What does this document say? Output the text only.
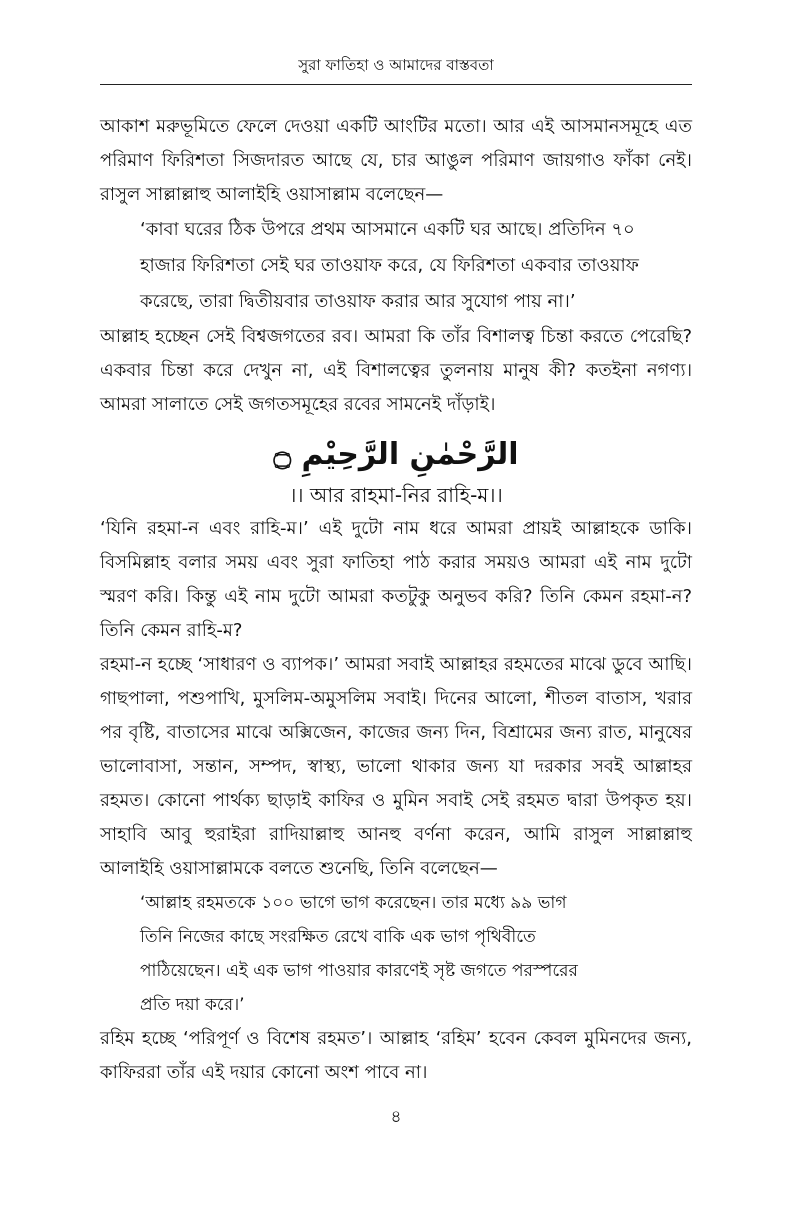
সুরা ফাতিহা ও আমাদের বাস্তবতা

আকাশ মরুভূমিতে ফেলে দেওয়া একটি আংটির মতো। আর এই আসমানসমূহে এত পরিমাণ ফিরিশতা সিজদারত আছে যে, চার আঙুল পরিমাণ জায়গাও ফাঁকা নেই। রাসুল সাল্লাল্লাহু আলাইহি ওয়াসাল্লাম বলেছেন—

‘কাবা ঘরের ঠিক উপরে প্রথম আসমানে একটি ঘর আছে। প্রতিদিন ৭০

হাজার ফিরিশতা সেই ঘর তাওয়াফ করে, যে ফিরিশতা একবার তাওয়াফ

করেছে, তারা দ্বিতীয়বার তাওয়াফ করার আর সুযোগ পায় না।’

আল্লাহ হচ্ছেন সেই বিশ্বজগতের রব। আমরা কি তাঁর বিশালত্ব চিন্তা করতে পেরেছি? একবার চিন্তা করে দেখুন না, এই বিশালত্বের তুলনায় মানুষ কী? কতইনা নগণ্য। আমরা সালাতে সেই জগতসমূহের রবের সামনেই দাঁড়াই।

الرَّحْمٰنِ الرَّحِيْمِ ۝

।। আর রাহমা-নির রাহি-ম।।

‘যিনি রহমা-ন এবং রাহি-ম।’ এই দুটো নাম ধরে আমরা প্রায়ই আল্লাহকে ডাকি। বিসমিল্লাহ বলার সময় এবং সুরা ফাতিহা পাঠ করার সময়ও আমরা এই নাম দুটো স্মরণ করি। কিন্তু এই নাম দুটো আমরা কতটুকু অনুভব করি? তিনি কেমন রহমা-ন? তিনি কেমন রাহি-ম?

রহমা-ন হচ্ছে ‘সাধারণ ও ব্যাপক।’ আমরা সবাই আল্লাহর রহমতের মাঝে ডুবে আছি। গাছপালা, পশুপাখি, মুসলিম-অমুসলিম সবাই। দিনের আলো, শীতল বাতাস, খরার পর বৃষ্টি, বাতাসের মাঝে অক্সিজেন, কাজের জন্য দিন, বিশ্রামের জন্য রাত, মানুষের ভালোবাসা, সন্তান, সম্পদ, স্বাস্থ্য, ভালো থাকার জন্য যা দরকার সবই আল্লাহর রহমত। কোনো পার্থক্য ছাড়াই কাফির ও মুমিন সবাই সেই রহমত দ্বারা উপকৃত হয়। সাহাবি আবু হুরাইরা রাদিয়াল্লাহু আনহু বর্ণনা করেন, আমি রাসুল সাল্লাল্লাহু আলাইহি ওয়াসাল্লামকে বলতে শুনেছি, তিনি বলেছেন—

‘আল্লাহ রহমতকে ১০০ ভাগে ভাগ করেছেন। তার মধ্যে ৯৯ ভাগ

তিনি নিজের কাছে সংরক্ষিত রেখে বাকি এক ভাগ পৃথিবীতে

পাঠিয়েছেন। এই এক ভাগ পাওয়ার কারণেই সৃষ্ট জগতে পরস্পরের

প্রতি দয়া করে।’

রহিম হচ্ছে ‘পরিপূর্ণ ও বিশেষ রহমত’। আল্লাহ ‘রহিম’ হবেন কেবল মুমিনদের জন্য, কাফিররা তাঁর এই দয়ার কোনো অংশ পাবে না।

৪
